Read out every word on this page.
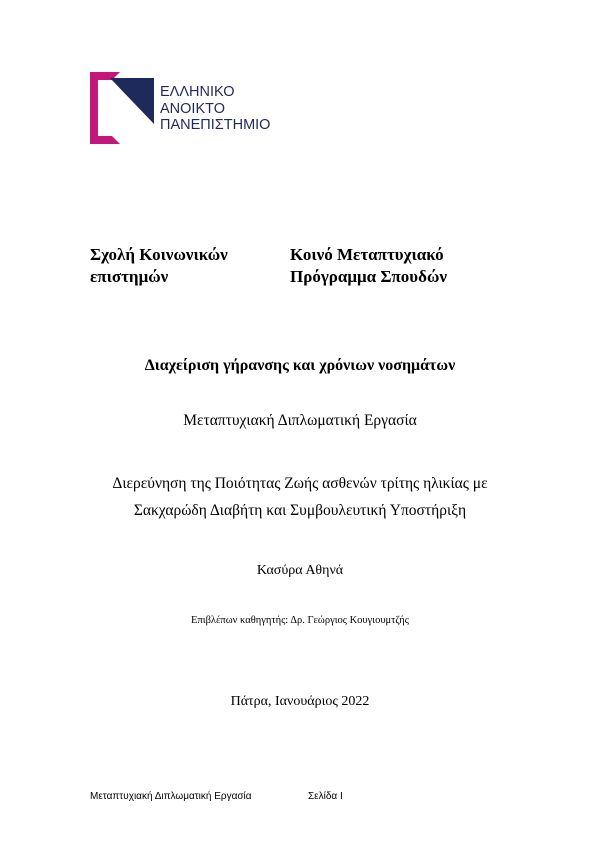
ΕΛΛΗΝΙΚΟ
ΑΝΟΙΚΤΟ
ΠΑΝΕΠΙΣΤΗΜΙΟ
Σχολή Κοινωνικών
επιστημών
Κοινό Μεταπτυχιακό
Πρόγραμμα Σπουδών
Διαχείριση γήρανσης και χρόνιων νοσημάτων
Μεταπτυχιακή Διπλωματική Εργασία
Διερεύνηση της Ποιότητας Ζωής ασθενών τρίτης ηλικίας με
Σακχαρώδη Διαβήτη και Συμβουλευτική Υποστήριξη
Κασύρα Αθηνά
Επιβλέπων καθηγητής: Δρ. Γεώργιος Κουγιουμτζής
Πάτρα, Ιανουάριος 2022
Μεταπτυχιακή Διπλωματική Εργασία	Σελίδα I
